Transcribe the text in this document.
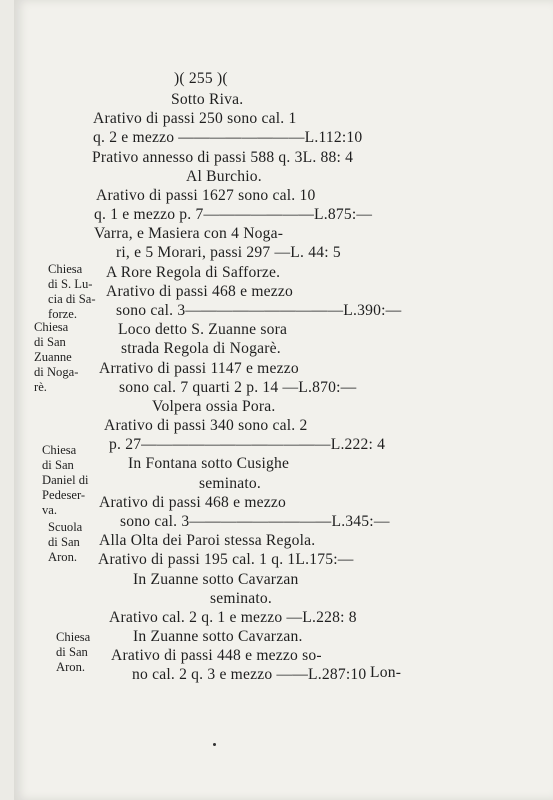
)( 255 )(
Sotto Riva.
Arativo di passi 250 sono cal. 1
q. 2 e mezzo ————————L.112:10
Prativo annesso di passi 588 q. 3L. 88: 4
Al Burchio.
Arativo di passi 1627 sono cal. 10
q. 1 e mezzo p. 7———————L.875:—
Varra, e Masiera con 4 Noga-
ri, e 5 Morari, passi 297 —L. 44: 5
A Rore Regola di Safforze.
Arativo di passi 468 e mezzo
sono cal. 3——————————L.390:—
Loco detto S. Zuanne sora
strada Regola di Nogarè.
Arrativo di passi 1147 e mezzo
sono cal. 7 quarti 2 p. 14 —L.870:—
Volpera ossia Pora.
Arativo di passi 340 sono cal. 2
p. 27————————————L.222: 4
In Fontana sotto Cusighe
seminato.
Arativo di passi 468 e mezzo
sono cal. 3—————————L.345:—
Alla Olta dei Paroi stessa Regola.
Arativo di passi 195 cal. 1 q. 1L.175:—
In Zuanne sotto Cavarzan
seminato.
Arativo cal. 2 q. 1 e mezzo —L.228: 8
In Zuanne sotto Cavarzan.
Arativo di passi 448 e mezzo so-
no cal. 2 q. 3 e mezzo ——L.287:10
Chiesa
di S. Lu-
cia di Sa-
forze.
Chiesa
di San
Zuanne
di Noga-
rè.
Chiesa
di San
Daniel di
Pedeser-
va.
Scuola
di San
Aron.
Chiesa
di San
Aron.	Lon-
